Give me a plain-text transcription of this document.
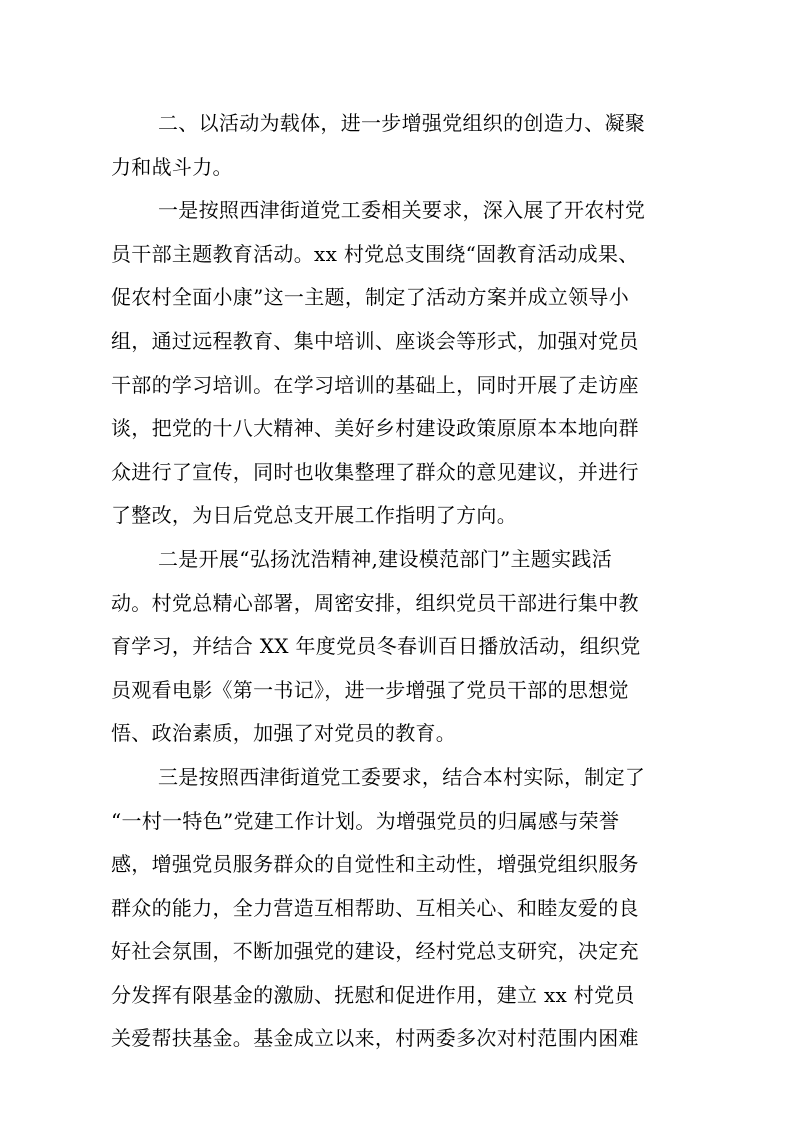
二、以活动为载体，进一步增强党组织的创造力、凝聚
力和战斗力。
一是按照西津街道党工委相关要求，深入展了开农村党
员干部主题教育活动。xx 村党总支围绕“固教育活动成果、
促农村全面小康”这一主题，制定了活动方案并成立领导小
组，通过远程教育、集中培训、座谈会等形式，加强对党员
干部的学习培训。在学习培训的基础上，同时开展了走访座
谈，把党的十八大精神、美好乡村建设政策原原本本地向群
众进行了宣传，同时也收集整理了群众的意见建议，并进行
了整改，为日后党总支开展工作指明了方向。
二是开展“弘扬沈浩精神,建设模范部门”主题实践活
动。村党总精心部署，周密安排，组织党员干部进行集中教
育学习，并结合 XX 年度党员冬春训百日播放活动，组织党
员观看电影《第一书记》，进一步增强了党员干部的思想觉
悟、政治素质，加强了对党员的教育。
三是按照西津街道党工委要求，结合本村实际，制定了
“一村一特色”党建工作计划。为增强党员的归属感与荣誉
感，增强党员服务群众的自觉性和主动性，增强党组织服务
群众的能力，全力营造互相帮助、互相关心、和睦友爱的良
好社会氛围，不断加强党的建设，经村党总支研究，决定充
分发挥有限基金的激励、抚慰和促进作用，建立 xx 村党员
关爱帮扶基金。基金成立以来，村两委多次对村范围内困难
